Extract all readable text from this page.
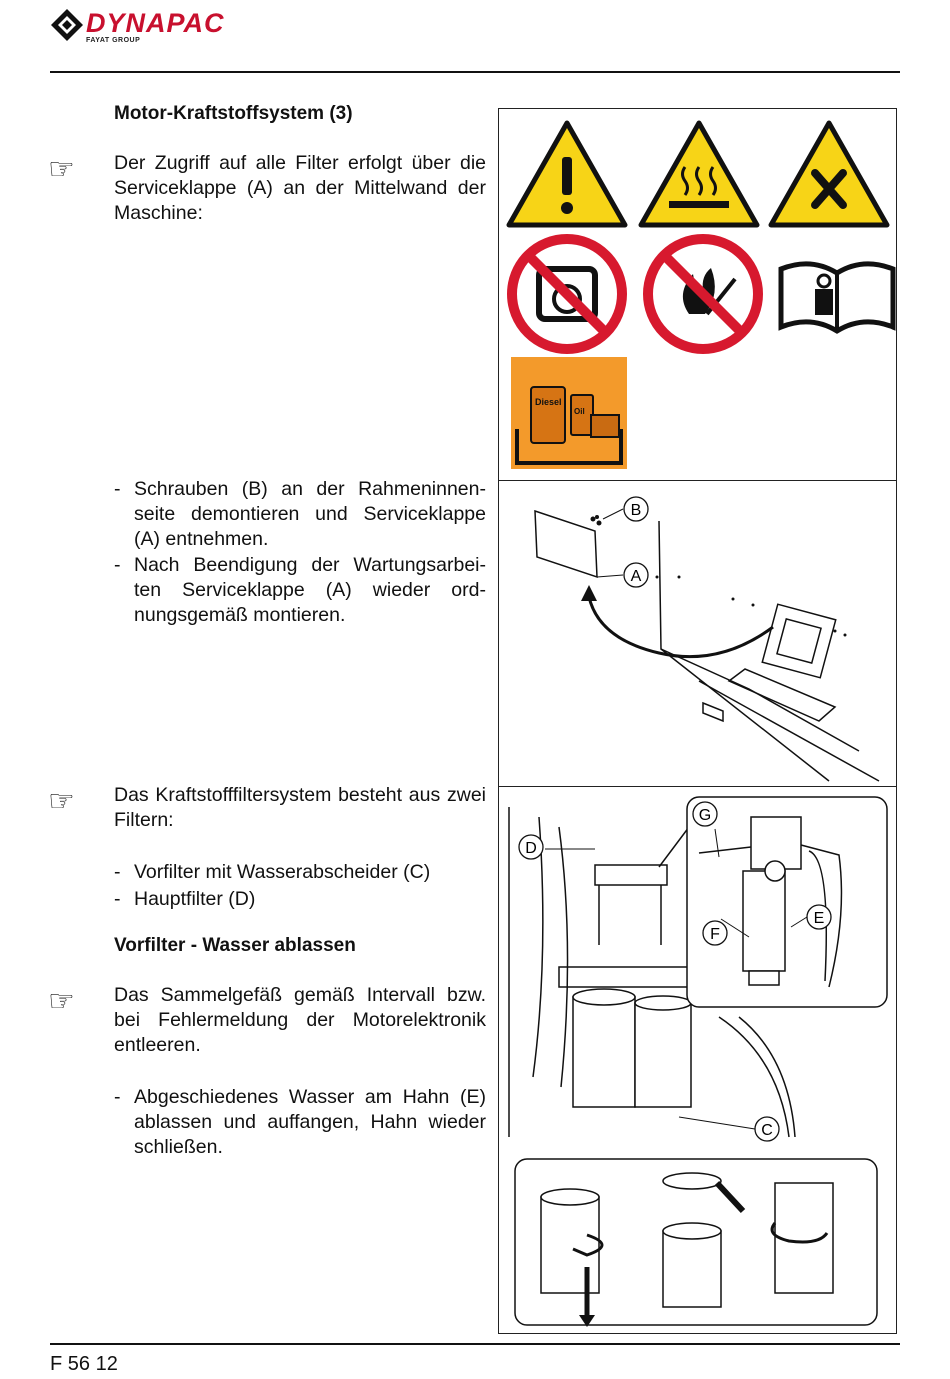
DYNAPAC
FAYAT GROUP
Motor-Kraftstoffsystem (3)
☞ Der Zugriff auf alle Filter erfolgt über die Serviceklappe (A) an der Mittelwand der Maschine:
- Schrauben (B) an der Rahmeninnen-seite demontieren und Serviceklappe (A) entnehmen.
- Nach Beendigung der Wartungsarbei-ten Serviceklappe (A) wieder ord-nungsgemäß montieren.
☞ Das Kraftstofffiltersystem besteht aus zwei Filtern:
- Vorfilter mit Wasserabscheider (C)
- Hauptfilter (D)
Vorfilter - Wasser ablassen
☞ Das Sammelgefäß gemäß Intervall bzw. bei Fehlermeldung der Motorelektronik entleeren.
- Abgeschiedenes Wasser am Hahn (E) ablassen und auffangen, Hahn wieder schließen.
Diesel
Oil
B
A
D
G
E
F
C
F 56 12
